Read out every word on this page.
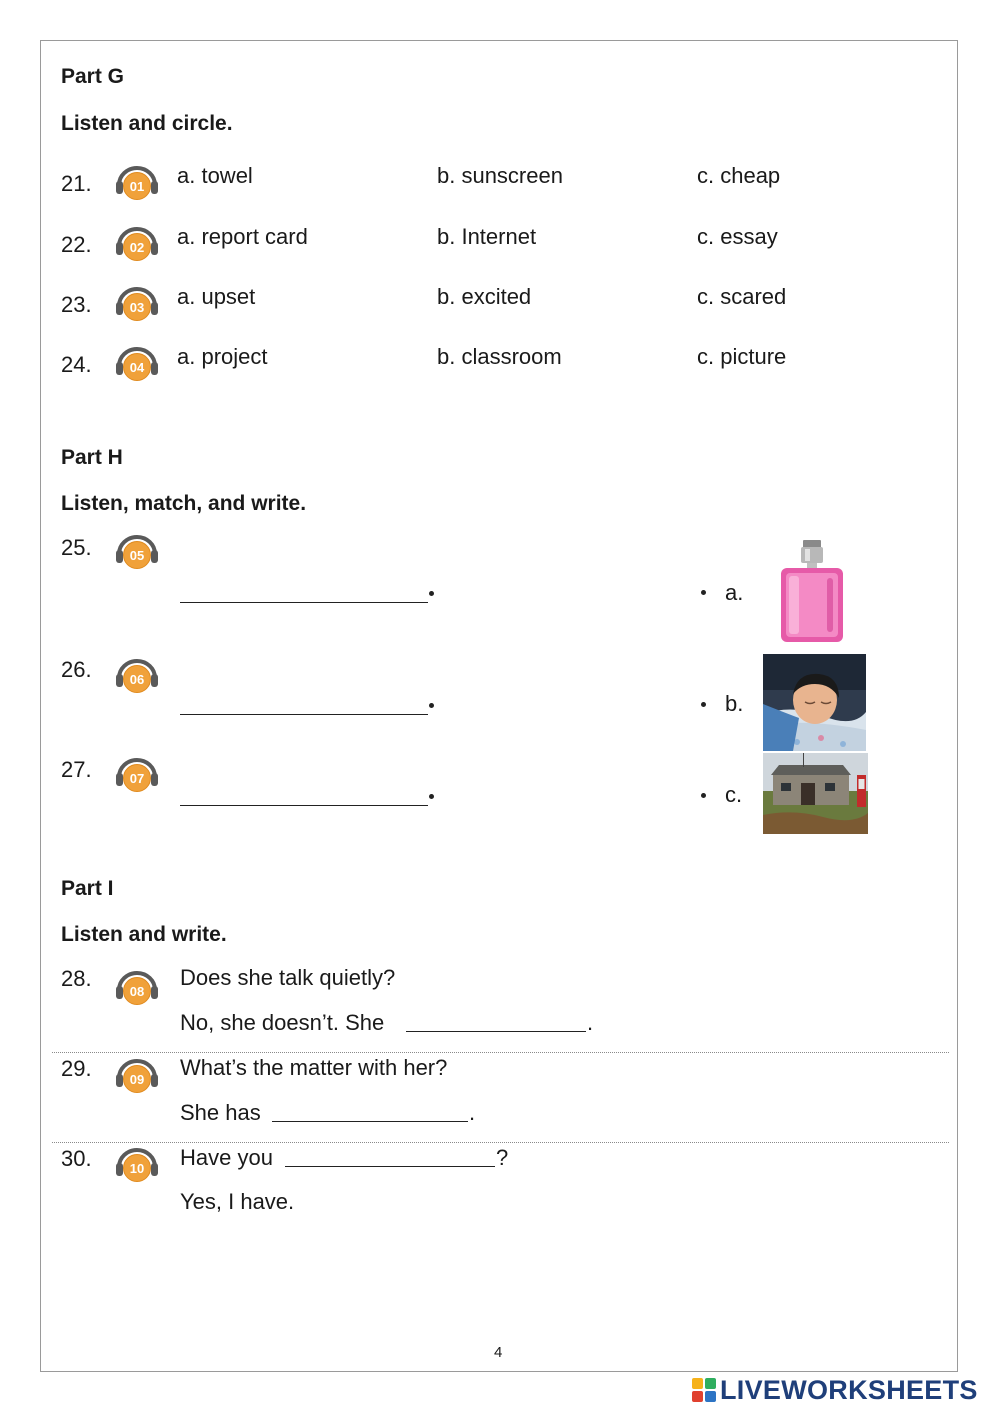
Part G
Listen and circle.
21.	01 a. towel	b. sunscreen	c. cheap
22.	02 a. report card	b. Internet	c. essay
23.	03 a. upset	b. excited	c. scared
24.	04 a. project	b. classroom	c. picture
Part H
Listen, match, and write.
25.	05
26.	06
27.	07
a.
b.
c.
Part I
Listen and write.
28.
08
Does she talk quietly?
No, she doesn’t. She	.
29.	09 What’s the matter with her?
She has	.
30.	10 Have you	?
Yes, I have.
4
LIVEWORKSHEETS
